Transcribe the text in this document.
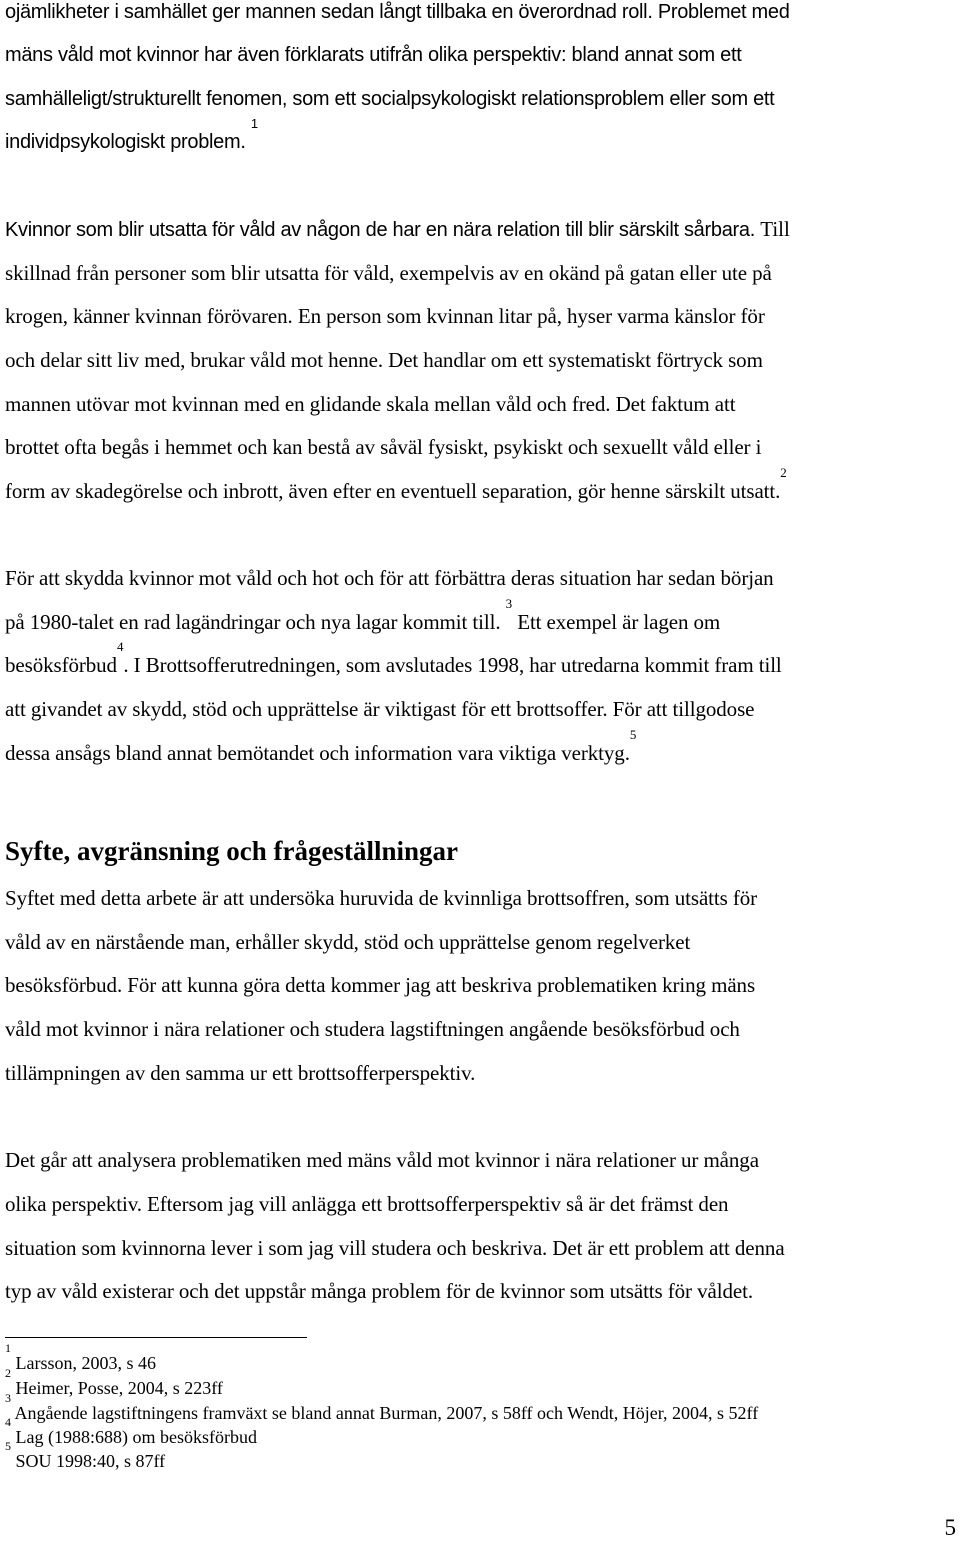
ojämlikheter i samhället ger mannen sedan långt tillbaka en överordnad roll. Problemet med
mäns våld mot kvinnor har även förklarats utifrån olika perspektiv: bland annat som ett
samhälleligt/strukturellt fenomen, som ett socialpsykologiskt relationsproblem eller som ett
individpsykologiskt problem. $^1$
Kvinnor som blir utsatta för våld av någon de har en nära relation till blir särskilt sårbara. Till
skillnad från personer som blir utsatta för våld, exempelvis av en okänd på gatan eller ute på
krogen, känner kvinnan förövaren. En person som kvinnan litar på, hyser varma känslor för
och delar sitt liv med, brukar våld mot henne. Det handlar om ett systematiskt förtryck som
mannen utövar mot kvinnan med en glidande skala mellan våld och fred. Det faktum att
brottet ofta begås i hemmet och kan bestå av såväl fysiskt, psykiskt och sexuellt våld eller i
form av skadegörelse och inbrott, även efter en eventuell separation, gör henne särskilt utsatt.$^2$
För att skydda kvinnor mot våld och hot och för att förbättra deras situation har sedan början
på 1980-talet en rad lagändringar och nya lagar kommit till. $^3$ Ett exempel är lagen om
besöksförbud$^4$. I Brottsofferutredningen, som avslutades 1998, har utredarna kommit fram till
att givandet av skydd, stöd och upprättelse är viktigast för ett brottsoffer. För att tillgodose
dessa ansågs bland annat bemötandet och information vara viktiga verktyg.$^5$
Syfte, avgränsning och frågeställningar
Syftet med detta arbete är att undersöka huruvida de kvinnliga brottsoffren, som utsätts för
våld av en närstående man, erhåller skydd, stöd och upprättelse genom regelverket
besöksförbud. För att kunna göra detta kommer jag att beskriva problematiken kring mäns
våld mot kvinnor i nära relationer och studera lagstiftningen angående besöksförbud och
tillämpningen av den samma ur ett brottsofferperspektiv.
Det går att analysera problematiken med mäns våld mot kvinnor i nära relationer ur många
olika perspektiv. Eftersom jag vill anlägga ett brottsofferperspektiv så är det främst den
situation som kvinnorna lever i som jag vill studera och beskriva. Det är ett problem att denna
typ av våld existerar och det uppstår många problem för de kvinnor som utsätts för våldet.
$^1$ Larsson, 2003, s 46
$^2$ Heimer, Posse, 2004, s 223ff
$^3$ Angående lagstiftningens framväxt se bland annat Burman, 2007, s 58ff och Wendt, Höjer, 2004, s 52ff
$^4$ Lag (1988:688) om besöksförbud
$^5$ SOU 1998:40, s 87ff
5
